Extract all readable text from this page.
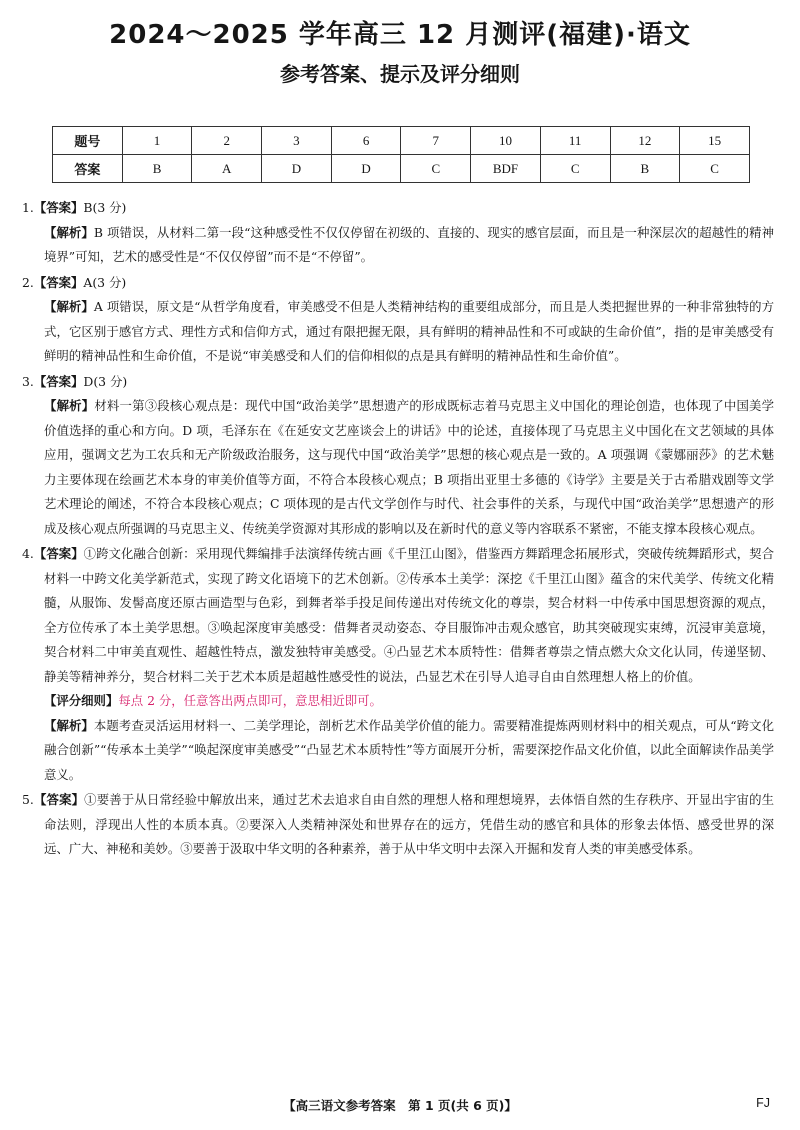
2024～2025 学年高三 12 月测评(福建)·语文
参考答案、提示及评分细则
题号	1	2	3	6	7	10	11	12	15
答案	B	A	D	D	C	BDF	C	B	C

1.【答案】B(3 分)

【解析】B 项错误，从材料二第一段“这种感受性不仅仅停留在初级的、直接的、现实的感官层面，而且是一种深层次的超越性的精神境界”可知，艺术的感受性是“不仅仅停留”而不是“不停留”。

2.【答案】A(3 分)

【解析】A 项错误，原文是“从哲学角度看，审美感受不但是人类精神结构的重要组成部分，而且是人类把握世界的一种非常独特的方式，它区别于感官方式、理性方式和信仰方式，通过有限把握无限，具有鲜明的精神品性和不可或缺的生命价值”，指的是审美感受有鲜明的精神品性和生命价值，不是说“审美感受和人们的信仰相似的点是具有鲜明的精神品性和生命价值”。

3.【答案】D(3 分)

【解析】材料一第③段核心观点是：现代中国“政治美学”思想遗产的形成既标志着马克思主义中国化的理论创造，也体现了中国美学价值选择的重心和方向。D 项，毛泽东在《在延安文艺座谈会上的讲话》中的论述，直接体现了马克思主义中国化在文艺领域的具体应用，强调文艺为工农兵和无产阶级政治服务，这与现代中国“政治美学”思想的核心观点是一致的。A 项强调《蒙娜丽莎》的艺术魅力主要体现在绘画艺术本身的审美价值等方面，不符合本段核心观点；B 项指出亚里士多德的《诗学》主要是关于古希腊戏剧等文学艺术理论的阐述，不符合本段核心观点；C 项体现的是古代文学创作与时代、社会事件的关系，与现代中国“政治美学”思想遗产的形成及核心观点所强调的马克思主义、传统美学资源对其形成的影响以及在新时代的意义等内容联系不紧密，不能支撑本段核心观点。

4.【答案】①跨文化融合创新：采用现代舞编排手法演绎传统古画《千里江山图》，借鉴西方舞蹈理念拓展形式，突破传统舞蹈形式，契合材料一中跨文化美学新范式，实现了跨文化语境下的艺术创新。②传承本土美学：深挖《千里江山图》蕴含的宋代美学、传统文化精髓，从服饰、发髻高度还原古画造型与色彩，到舞者举手投足间传递出对传统文化的尊崇，契合材料一中传承中国思想资源的观点，全方位传承了本土美学思想。③唤起深度审美感受：借舞者灵动姿态、夺目服饰冲击观众感官，助其突破现实束缚，沉浸审美意境，契合材料二中审美直观性、超越性特点，激发独特审美感受。④凸显艺术本质特性：借舞者尊崇之情点燃大众文化认同，传递坚韧、静美等精神养分，契合材料二关于艺术本质是超越性感受性的说法，凸显艺术在引导人追寻自由自然理想人格上的价值。

【评分细则】每点 2 分，任意答出两点即可，意思相近即可。

【解析】本题考查灵活运用材料一、二美学理论，剖析艺术作品美学价值的能力。需要精准提炼两则材料中的相关观点，可从“跨文化融合创新”“传承本土美学”“唤起深度审美感受”“凸显艺术本质特性”等方面展开分析，需要深挖作品文化价值，以此全面解读作品美学意义。

5.【答案】①要善于从日常经验中解放出来，通过艺术去追求自由自然的理想人格和理想境界，去体悟自然的生存秩序、开显出宇宙的生命法则，浮现出人性的本质本真。②要深入人类精神深处和世界存在的远方，凭借生动的感官和具体的形象去体悟、感受世界的深远、广大、神秘和美妙。③要善于汲取中华文明的各种素养，善于从中华文明中去深入开掘和发育人类的审美感受体系。

【高三语文参考答案　第 1 页(共 6 页)】	FJ
